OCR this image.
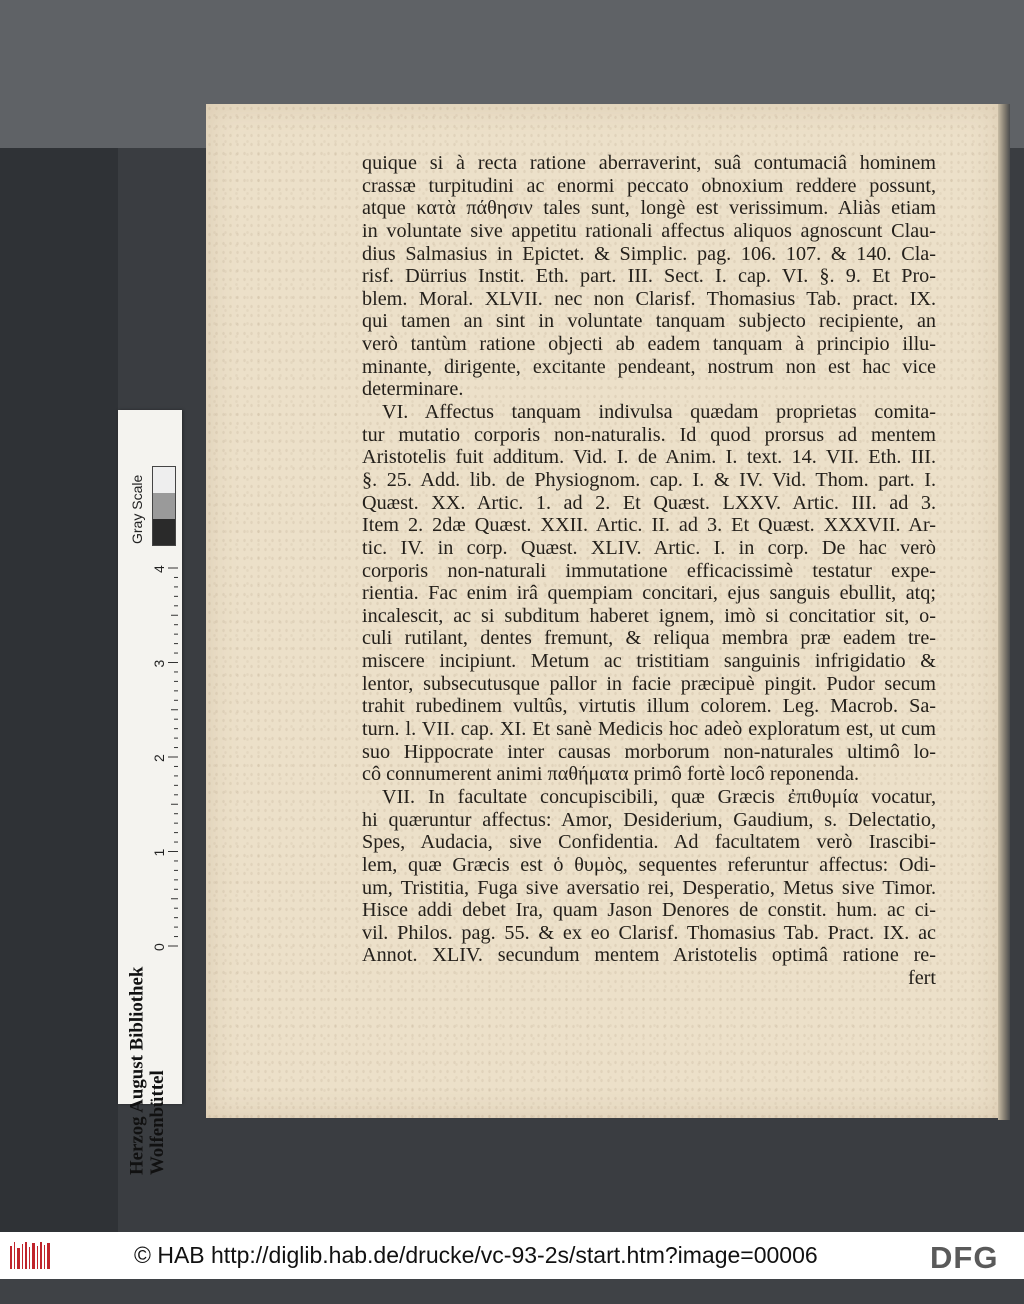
quique si à recta ratione aberraverint, suâ contumaciâ hominem
crassæ turpitudini ac enormi peccato obnoxium reddere possunt,
atque κατὰ πάθησιν tales sunt, longè est verissimum. Aliàs etiam
in voluntate sive appetitu rationali affectus aliquos agnoscunt Clau-
dius Salmasius in Epictet. & Simplic. pag. 106. 107. & 140. Cla-
risf. Dürrius Instit. Eth. part. III. Sect. I. cap. VI. §. 9. Et Pro-
blem. Moral. XLVII. nec non Clarisf. Thomasius Tab. pract. IX.
qui tamen an sint in voluntate tanquam subjecto recipiente, an
verò tantùm ratione objecti ab eadem tanquam à principio illu-
minante, dirigente, excitante pendeant, nostrum non est hac vice
determinare.
VI. Affectus tanquam indivulsa quædam proprietas comita-
tur mutatio corporis non-naturalis. Id quod prorsus ad mentem
Aristotelis fuit additum. Vid. I. de Anim. I. text. 14. VII. Eth. III.
§. 25. Add. lib. de Physiognom. cap. I. & IV. Vid. Thom. part. I.
Quæst. XX. Artic. 1. ad 2. Et Quæst. LXXV. Artic. III. ad 3.
Item 2. 2dæ Quæst. XXII. Artic. II. ad 3. Et Quæst. XXXVII. Ar-
tic. IV. in corp. Quæst. XLIV. Artic. I. in corp. De hac verò
corporis non-naturali immutatione efficacissimè testatur expe-
rientia. Fac enim irâ quempiam concitari, ejus sanguis ebullit, atq;
incalescit, ac si subditum haberet ignem, imò si concitatior sit, o-
culi rutilant, dentes fremunt, & reliqua membra præ eadem tre-
miscere incipiunt. Metum ac tristitiam sanguinis infrigidatio &
lentor, subsecutusque pallor in facie præcipuè pingit. Pudor secum
trahit rubedinem vultûs, virtutis illum colorem. Leg. Macrob. Sa-
turn. l. VII. cap. XI. Et sanè Medicis hoc adeò exploratum est, ut cum
suo Hippocrate inter causas morborum non-naturales ultimô lo-
cô connumerent animi παθήματα primô fortè locô reponenda.
VII. In facultate concupiscibili, quæ Græcis ἐπιθυμία vocatur,
hi quæruntur affectus: Amor, Desiderium, Gaudium, s. Delectatio,
Spes, Audacia, sive Confidentia. Ad facultatem verò Irascibi-
lem, quæ Græcis est ὁ θυμὸς, sequentes referuntur affectus: Odi-
um, Tristitia, Fuga sive aversatio rei, Desperatio, Metus sive Timor.
Hisce addi debet Ira, quam Jason Denores de constit. hum. ac ci-
vil. Philos. pag. 55. & ex eo Clarisf. Thomasius Tab. Pract. IX. ac
Annot. XLIV. secundum mentem Aristotelis optimâ ratione re-
fert
Gray Scale
0
1
2
3
4
Herzog August Bibliothek Wolfenbüttel
© HAB http://diglib.hab.de/drucke/vc-93-2s/start.htm?image=00006	DFG
